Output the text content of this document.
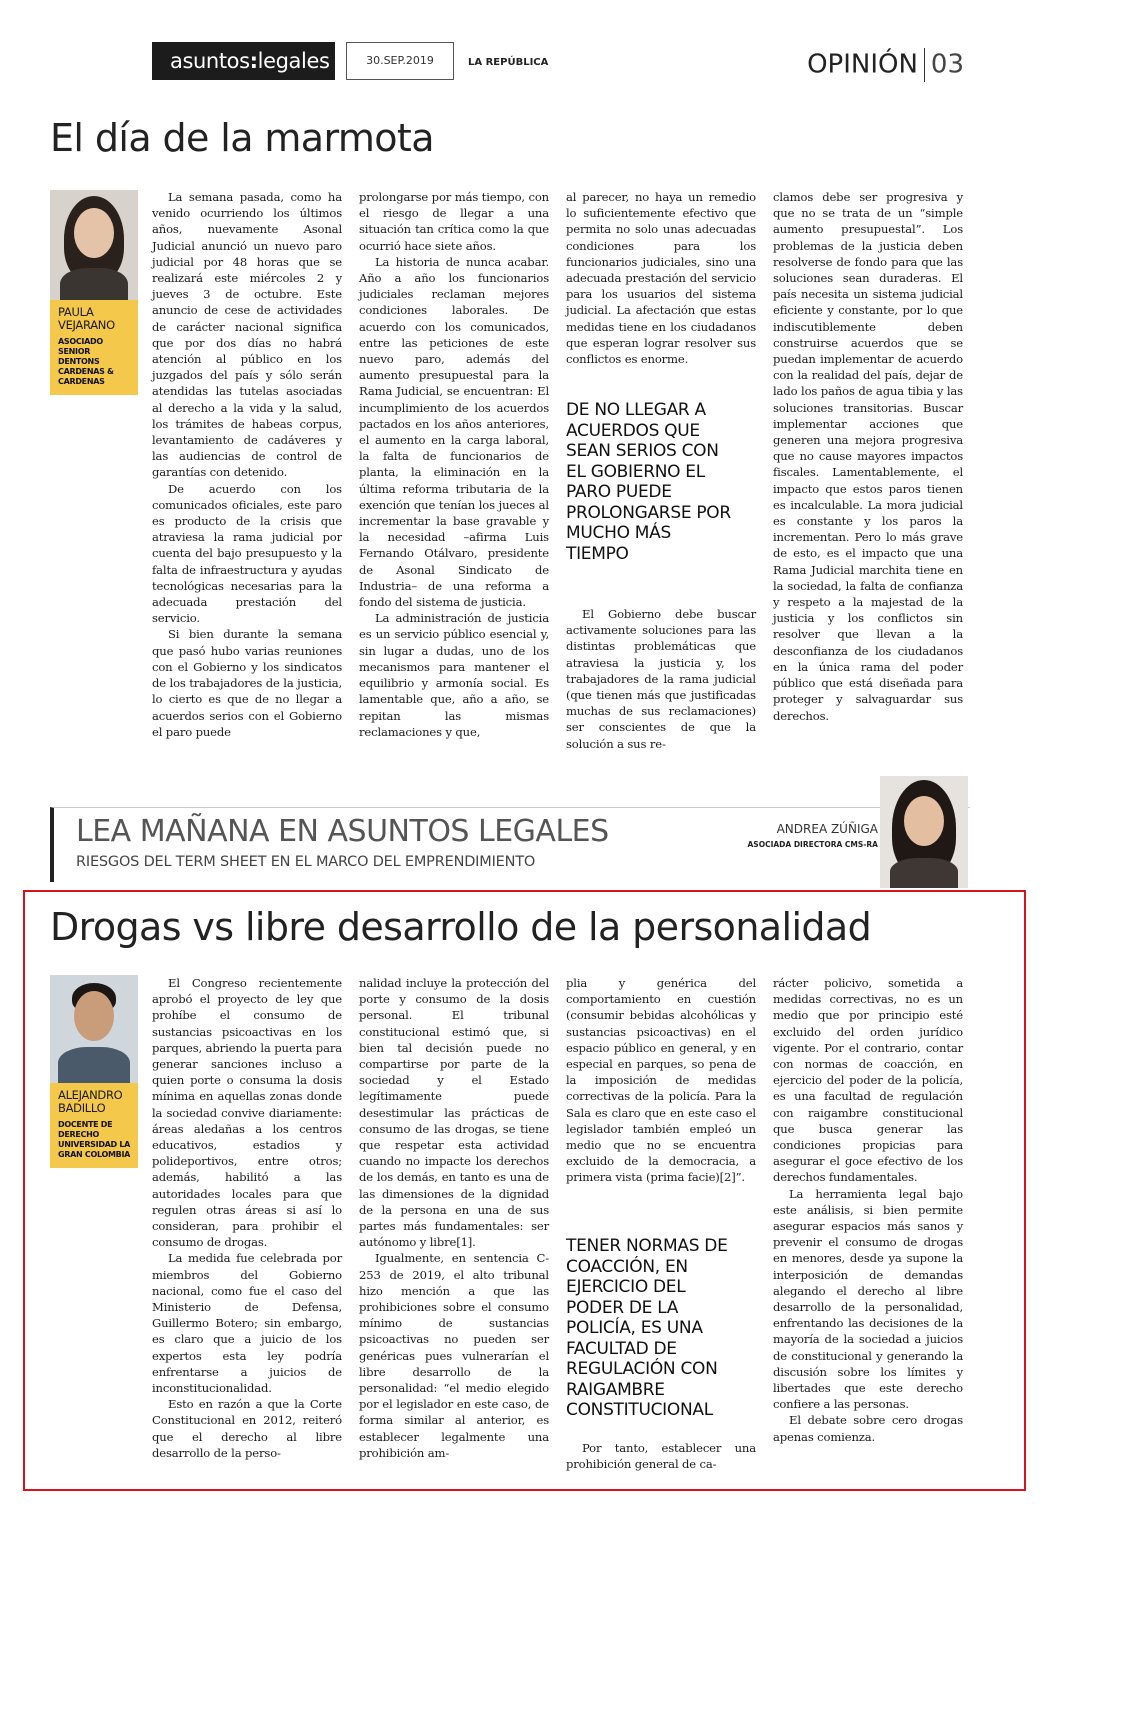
asuntos:legales	30.SEP.2019	LA REPÚBLICA	OPINIÓN 03
El día de la marmota
PAULA
VEJARANO
ASOCIADO SENIOR DENTONS CARDENAS & CARDENAS

La semana pasada, como ha venido ocurriendo los últimos años, nuevamente Asonal Judicial anunció un nuevo paro judicial por 48 horas que se realizará este miércoles 2 y jueves 3 de octubre. Este anuncio de cese de actividades de carácter nacional significa que por dos días no habrá atención al público en los juzgados del país y sólo serán atendidas las tutelas asociadas al derecho a la vida y la salud, los trámites de habeas corpus, levantamiento de cadáveres y las audiencias de control de garantías con detenido.

De acuerdo con los comunicados oficiales, este paro es producto de la crisis que atraviesa la rama judicial por cuenta del bajo presupuesto y la falta de infraestructura y ayudas tecnológicas necesarias para la adecuada prestación del servicio.

Si bien durante la semana que pasó hubo varias reuniones con el Gobierno y los sindicatos de los trabajadores de la justicia, lo cierto es que de no llegar a acuerdos serios con el Gobierno el paro puede

prolongarse por más tiempo, con el riesgo de llegar a una situación tan crítica como la que ocurrió hace siete años.

La historia de nunca acabar. Año a año los funcionarios judiciales reclaman mejores condiciones laborales. De acuerdo con los comunicados, entre las peticiones de este nuevo paro, además del aumento presupuestal para la Rama Judicial, se encuentran: El incumplimiento de los acuerdos pactados en los años anteriores, el aumento en la carga laboral, la falta de funcionarios de planta, la eliminación en la última reforma tributaria de la exención que tenían los jueces al incrementar la base gravable y la necesidad –afirma Luis Fernando Otálvaro, presidente de Asonal Sindicato de Industria– de una reforma a fondo del sistema de justicia.

La administración de justicia es un servicio público esencial y, sin lugar a dudas, uno de los mecanismos para mantener el equilibrio y armonía social. Es lamentable que, año a año, se repitan las mismas reclamaciones y que,

al parecer, no haya un remedio lo suficientemente efectivo que permita no solo unas adecuadas condiciones para los funcionarios judiciales, sino una adecuada prestación del servicio para los usuarios del sistema judicial. La afectación que estas medidas tiene en los ciudadanos que esperan lograr resolver sus conflictos es enorme.

DE NO LLEGAR A ACUERDOS QUE SEAN SERIOS CON EL GOBIERNO EL PARO PUEDE PROLONGARSE POR MUCHO MÁS TIEMPO

El Gobierno debe buscar activamente soluciones para las distintas problemáticas que atraviesa la justicia y, los trabajadores de la rama judicial (que tienen más que justificadas muchas de sus reclamaciones) ser conscientes de que la solución a sus re-

clamos debe ser progresiva y que no se trata de un “simple aumento presupuestal”. Los problemas de la justicia deben resolverse de fondo para que las soluciones sean duraderas. El país necesita un sistema judicial eficiente y constante, por lo que indiscutiblemente deben construirse acuerdos que se puedan implementar de acuerdo con la realidad del país, dejar de lado los paños de agua tibia y las soluciones transitorias. Buscar implementar acciones que generen una mejora progresiva que no cause mayores impactos fiscales. Lamentablemente, el impacto que estos paros tienen es incalculable. La mora judicial es constante y los paros la incrementan. Pero lo más grave de esto, es el impacto que una Rama Judicial marchita tiene en la sociedad, la falta de confianza y respeto a la majestad de la justicia y los conflictos sin resolver que llevan a la desconfianza de los ciudadanos en la única rama del poder público que está diseñada para proteger y salvaguardar sus derechos.

LEA MAÑANA EN ASUNTOS LEGALES
RIESGOS DEL TERM SHEET EN EL MARCO DEL EMPRENDIMIENTO
ANDREA ZÚÑIGA
ASOCIADA DIRECTORA CMS-RA
Drogas vs libre desarrollo de la personalidad
ALEJANDRO
BADILLO
DOCENTE DE DERECHO UNIVERSIDAD LA GRAN COLOMBIA

El Congreso recientemente aprobó el proyecto de ley que prohíbe el consumo de sustancias psicoactivas en los parques, abriendo la puerta para generar sanciones incluso a quien porte o consuma la dosis mínima en aquellas zonas donde la sociedad convive diariamente: áreas aledañas a los centros educativos, estadios y polideportivos, entre otros; además, habilitó a las autoridades locales para que regulen otras áreas si así lo consideran, para prohibir el consumo de drogas.

La medida fue celebrada por miembros del Gobierno nacional, como fue el caso del Ministerio de Defensa, Guillermo Botero; sin embargo, es claro que a juicio de los expertos esta ley podría enfrentarse a juicios de inconstitucionalidad.

Esto en razón a que la Corte Constitucional en 2012, reiteró que el derecho al libre desarrollo de la perso-

nalidad incluye la protección del porte y consumo de la dosis personal. El tribunal constitucional estimó que, si bien tal decisión puede no compartirse por parte de la sociedad y el Estado legítimamente puede desestimular las prácticas de consumo de las drogas, se tiene que respetar esta actividad cuando no impacte los derechos de los demás, en tanto es una de las dimensiones de la dignidad de la persona en una de sus partes más fundamentales: ser autónomo y libre[1].

Igualmente, en sentencia C-253 de 2019, el alto tribunal hizo mención a que las prohibiciones sobre el consumo mínimo de sustancias psicoactivas no pueden ser genéricas pues vulnerarían el libre desarrollo de la personalidad: “el medio elegido por el legislador en este caso, de forma similar al anterior, es establecer legalmente una prohibición am-

plia y genérica del comportamiento en cuestión (consumir bebidas alcohólicas y sustancias psicoactivas) en el espacio público en general, y en especial en parques, so pena de la imposición de medidas correctivas de la policía. Para la Sala es claro que en este caso el legislador también empleó un medio que no se encuentra excluido de la democracia, a primera vista (prima facie)[2]”.

TENER NORMAS DE COACCIÓN, EN EJERCICIO DEL PODER DE LA POLICÍA, ES UNA FACULTAD DE REGULACIÓN CON RAIGAMBRE CONSTITUCIONAL

Por tanto, establecer una prohibición general de ca-

rácter policivo, sometida a medidas correctivas, no es un medio que por principio esté excluido del orden jurídico vigente. Por el contrario, contar con normas de coacción, en ejercicio del poder de la policía, es una facultad de regulación con raigambre constitucional que busca generar las condiciones propicias para asegurar el goce efectivo de los derechos fundamentales.

La herramienta legal bajo este análisis, si bien permite asegurar espacios más sanos y prevenir el consumo de drogas en menores, desde ya supone la interposición de demandas alegando el derecho al libre desarrollo de la personalidad, enfrentando las decisiones de la mayoría de la sociedad a juicios de constitucional y generando la discusión sobre los límites y libertades que este derecho confiere a las personas.

El debate sobre cero drogas apenas comienza.
